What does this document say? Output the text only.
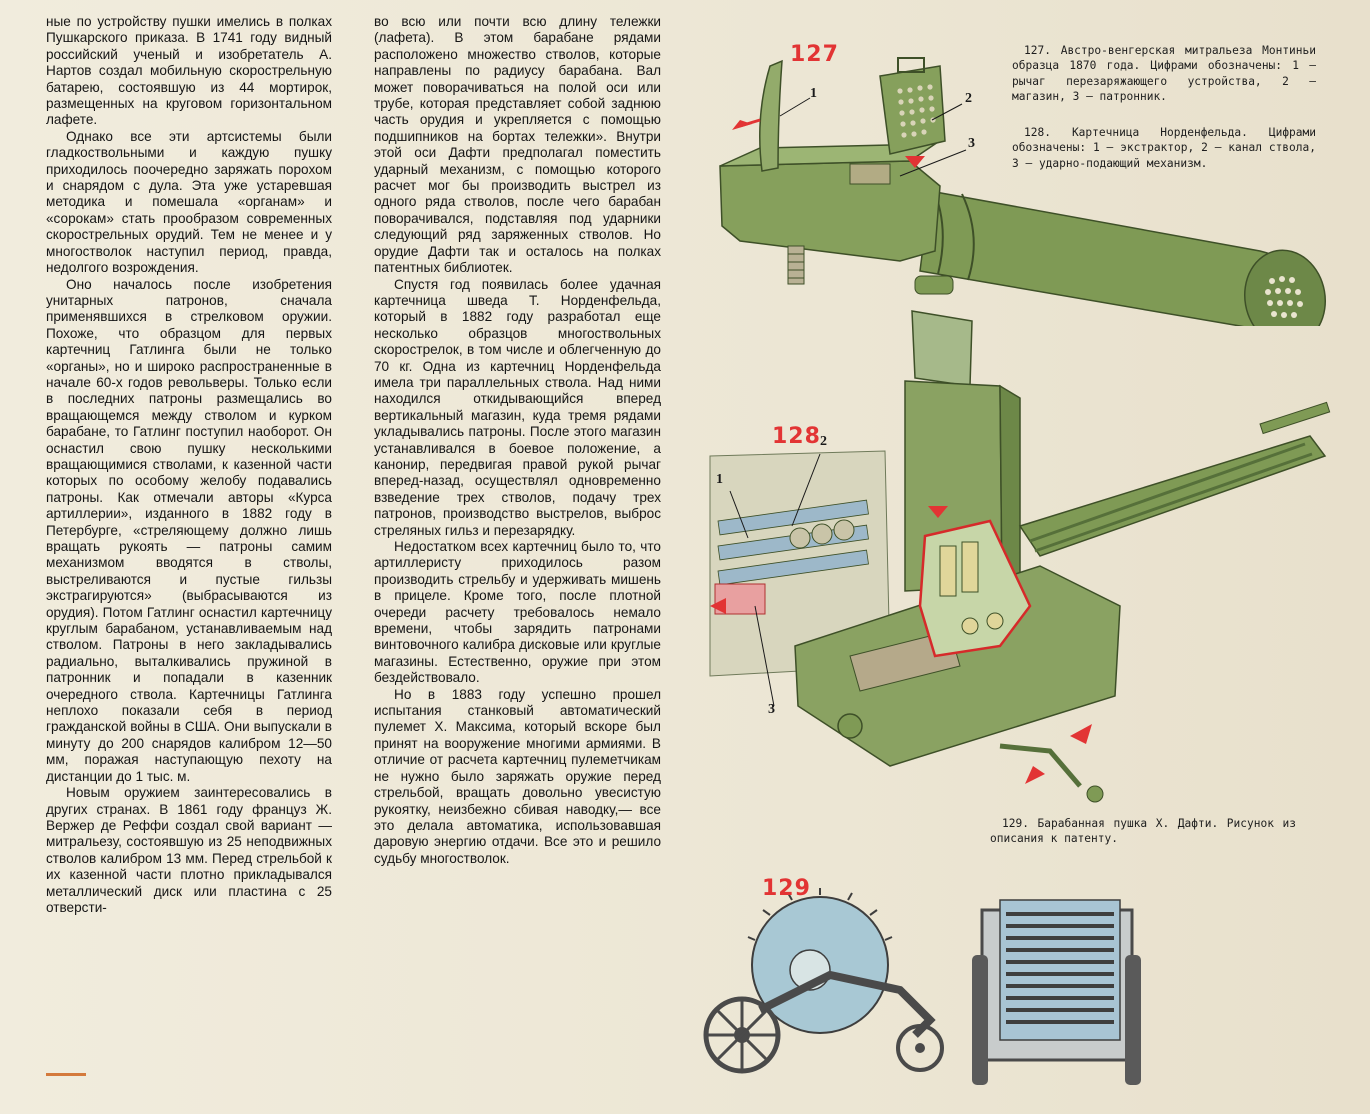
ные по устройству пушки имелись в полках Пушкарского приказа. В 1741 году видный российский ученый и изобретатель А. Нартов создал мобильную скорострельную батарею, состоявшую из 44 мортирок, размещенных на круговом горизонтальном лафете.

Однако все эти артсистемы были гладкоствольными и каждую пушку приходилось поочередно заряжать порохом и снарядом с дула. Эта уже устаревшая методика и помешала «органам» и «сорокам» стать прообразом современных скорострельных орудий. Тем не менее и у многостволок наступил период, правда, недолгого возрождения.

Оно началось после изобретения унитарных патронов, сначала применявшихся в стрелковом оружии. Похоже, что образцом для первых картечниц Гатлинга были не только «органы», но и широко распространенные в начале 60-х годов револьверы. Только если в последних патроны размещались во вращающемся между стволом и курком барабане, то Гатлинг поступил наоборот. Он оснастил свою пушку несколькими вращающимися стволами, к казенной части которых по особому желобу подавались патроны. Как отмечали авторы «Курса артиллерии», изданного в 1882 году в Петербурге, «стреляющему должно лишь вращать рукоять — патроны самим механизмом вводятся в стволы, выстреливаются и пустые гильзы экстрагируются» (выбрасываются из орудия). Потом Гатлинг оснастил картечницу круглым барабаном, устанавливаемым над стволом. Патроны в него закладывались радиально, выталкивались пружиной в патронник и попадали в казенник очередного ствола. Картечницы Гатлинга неплохо показали себя в период гражданской войны в США. Они выпускали в минуту до 200 снарядов калибром 12—50 мм, поражая наступающую пехоту на дистанции до 1 тыс. м.

Новым оружием заинтересовались в других странах. В 1861 году француз Ж. Вержер де Реффи создал свой вариант — митральезу, состоявшую из 25 неподвижных стволов калибром 13 мм. Перед стрельбой к их казенной части плотно прикладывался металлический диск или пластина с 25 отверсти-

во всю или почти всю длину тележки (лафета). В этом барабане рядами расположено множество стволов, которые направлены по радиусу барабана. Вал может поворачиваться на полой оси или трубе, которая представляет собой заднюю часть орудия и укрепляется с помощью подшипников на бортах тележки». Внутри этой оси Дафти предполагал поместить ударный механизм, с помощью которого расчет мог бы производить выстрел из одного ряда стволов, после чего барабан поворачивался, подставляя под ударники следующий ряд заряженных стволов. Но орудие Дафти так и осталось на полках патентных библиотек.

Спустя год появилась более удачная картечница шведа Т. Норденфельда, который в 1882 году разработал еще несколько образцов многоствольных скорострелок, в том числе и облегченную до 70 кг. Одна из картечниц Норденфельда имела три параллельных ствола. Над ними находился откидывающийся вперед вертикальный магазин, куда тремя рядами укладывались патроны. После этого магазин устанавливался в боевое положение, а канонир, передвигая правой рукой рычаг вперед-назад, осуществлял одновременно взведение трех стволов, подачу трех патронов, производство выстрелов, выброс стреляных гильз и перезарядку.

Недостатком всех картечниц было то, что артиллеристу приходилось разом производить стрельбу и удерживать мишень в прицеле. Кроме того, после плотной очереди расчету требовалось немало времени, чтобы зарядить патронами винтовочного калибра дисковые или круглые магазины. Естественно, оружие при этом бездействовало.

Но в 1883 году успешно прошел испытания станковый автоматический пулемет Х. Максима, который вскоре был принят на вооружение многими армиями. В отличие от расчета картечниц пулеметчикам не нужно было заряжать оружие перед стрельбой, вращать довольно увесистую рукоятку, неизбежно сбивая наводку,— все это делала автоматика, использовавшая даровую энергию отдачи. Все это и решило судьбу многостволок.

127. Австро-венгерская митральеза Монтиньи образца 1870 года. Цифрами обозначены: 1 — рычаг перезаряжающего устройства, 2 — магазин, 3 — патронник.

128. Картечница Норденфельда. Цифрами обозначены: 1 — экстрактор, 2 — канал ствола, 3 — ударно-подающий механизм.

129. Барабанная пушка Х. Дафти. Рисунок из описания к патенту.

127
1	2
3
128 2
1
3
129
